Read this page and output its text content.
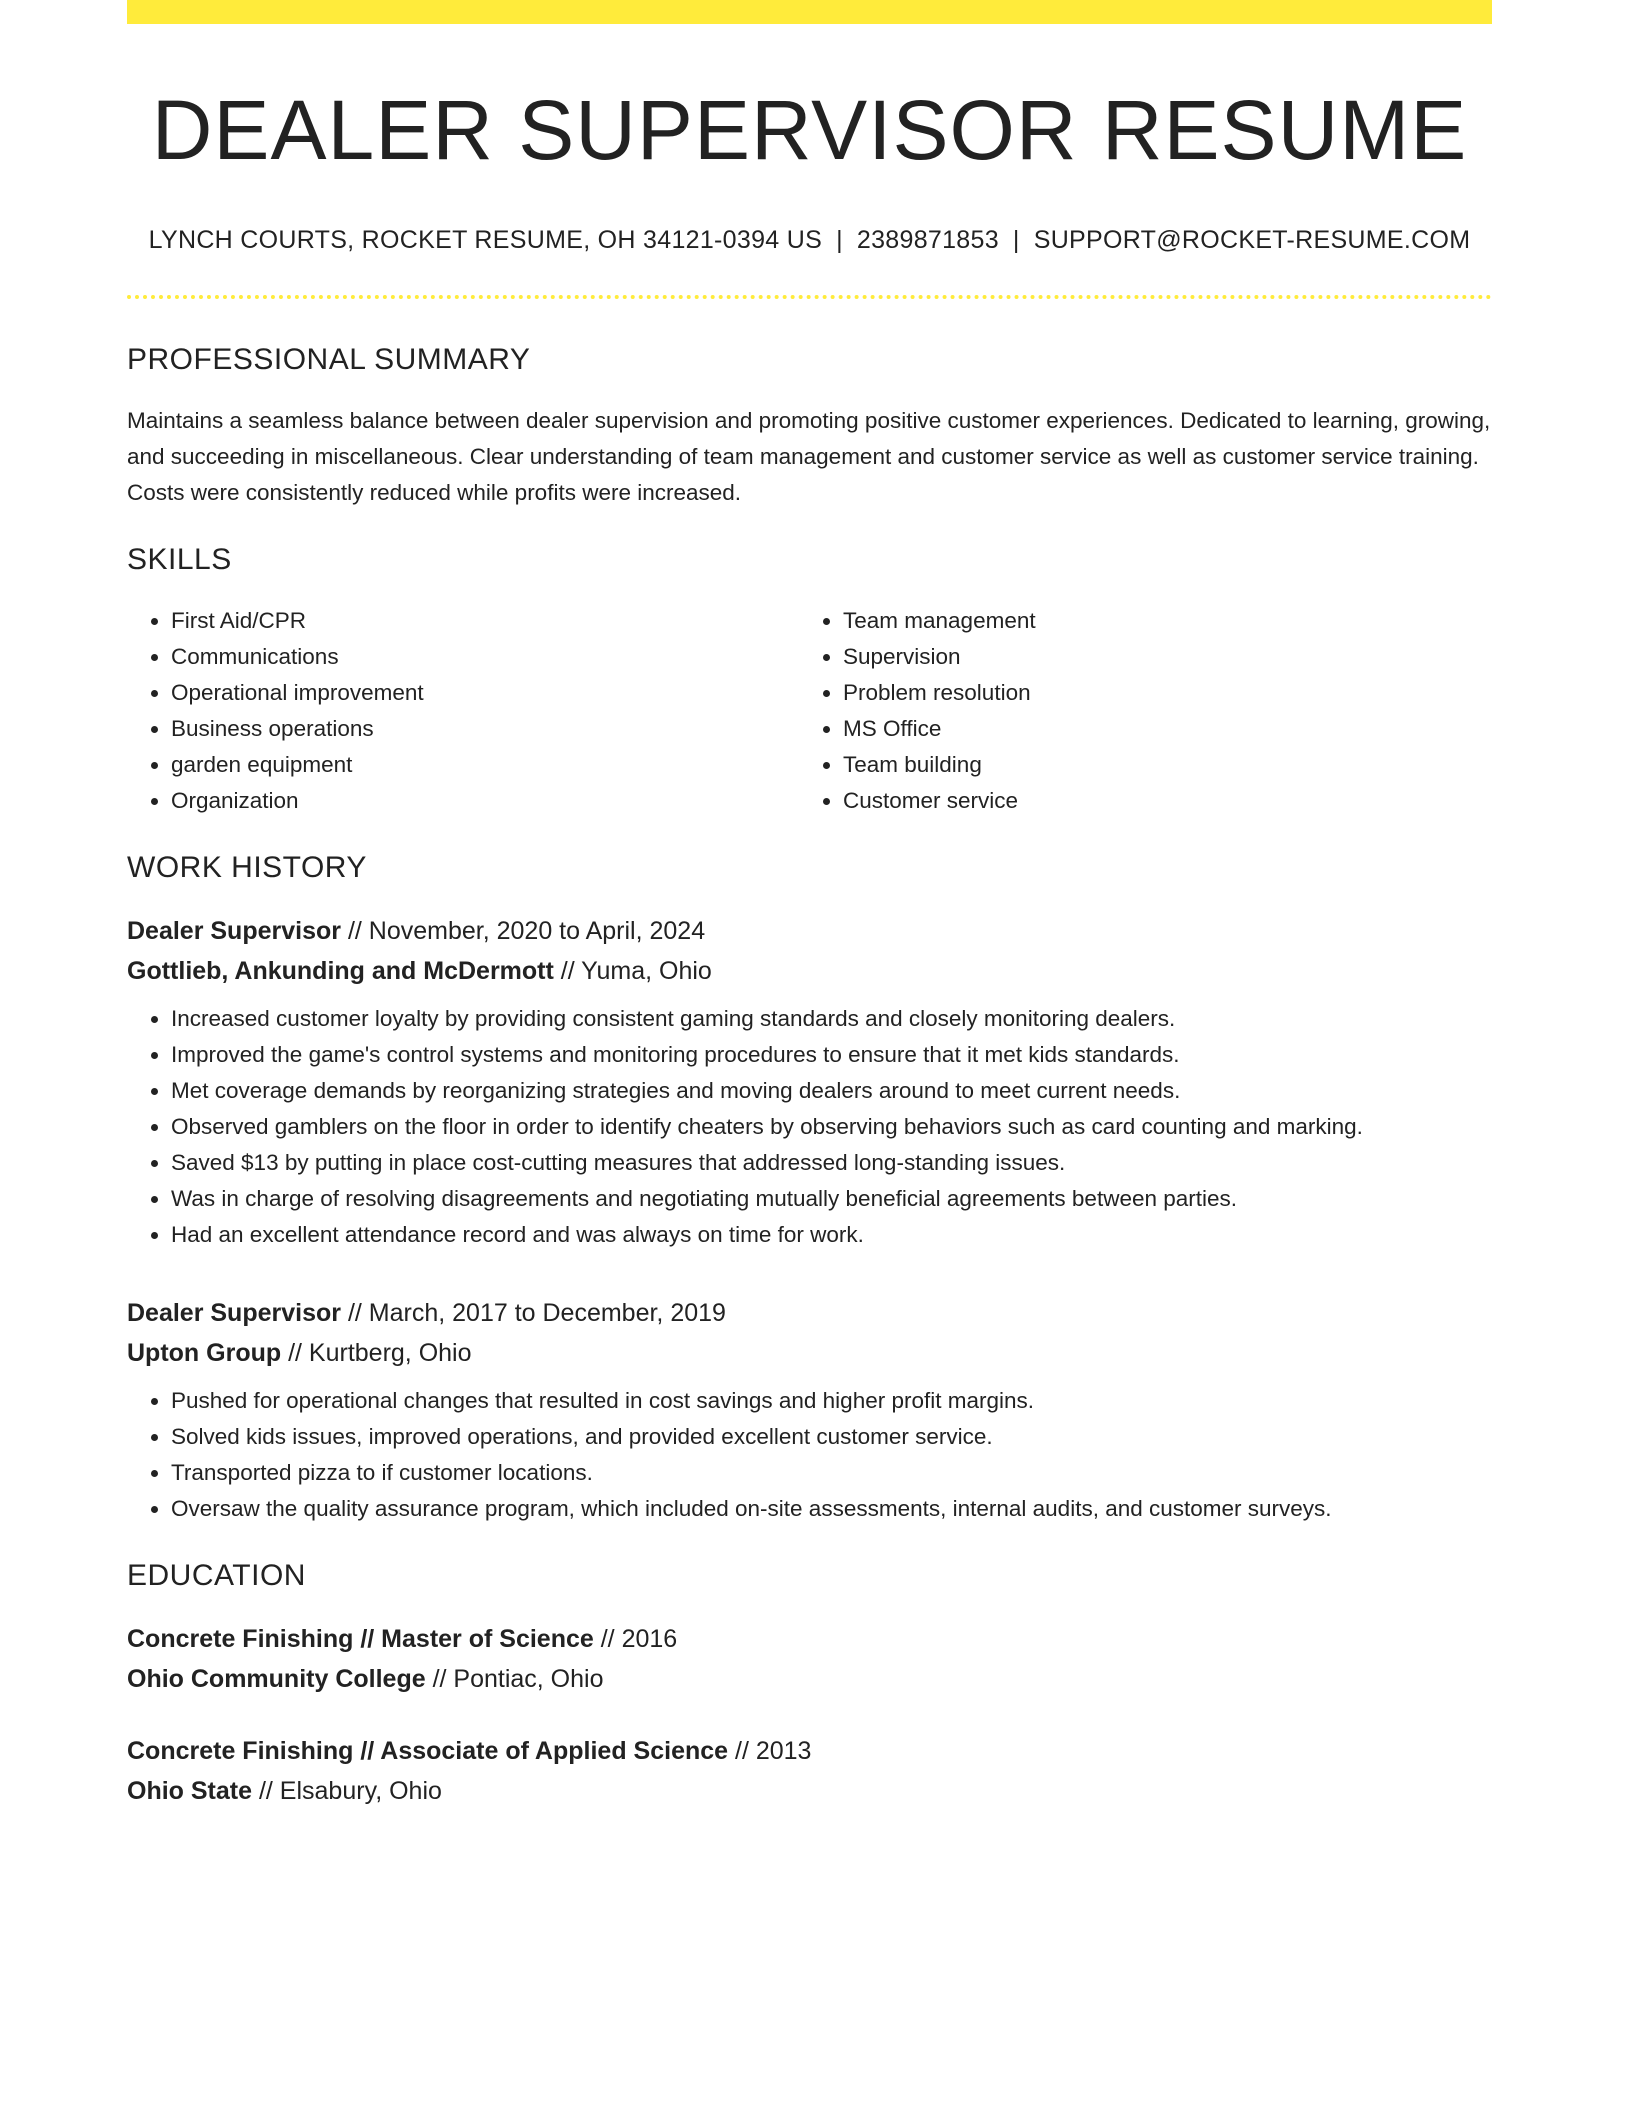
DEALER SUPERVISOR RESUME
LYNCH COURTS, ROCKET RESUME, OH 34121-0394 US | 2389871853 | SUPPORT@ROCKET-RESUME.COM
PROFESSIONAL SUMMARY
Maintains a seamless balance between dealer supervision and promoting positive customer experiences. Dedicated to learning, growing, and succeeding in miscellaneous. Clear understanding of team management and customer service as well as customer service training. Costs were consistently reduced while profits were increased.
SKILLS
• First Aid/CPR
• Communications
• Operational improvement
• Business operations
• garden equipment
• Organization
• Team management
• Supervision
• Problem resolution
• MS Office
• Team building
• Customer service
WORK HISTORY
Dealer Supervisor // November, 2020 to April, 2024
Gottlieb, Ankunding and McDermott // Yuma, Ohio
• Increased customer loyalty by providing consistent gaming standards and closely monitoring dealers.
• Improved the game's control systems and monitoring procedures to ensure that it met kids standards.
• Met coverage demands by reorganizing strategies and moving dealers around to meet current needs.
• Observed gamblers on the floor in order to identify cheaters by observing behaviors such as card counting and marking.
• Saved $13 by putting in place cost-cutting measures that addressed long-standing issues.
• Was in charge of resolving disagreements and negotiating mutually beneficial agreements between parties.
• Had an excellent attendance record and was always on time for work.
Dealer Supervisor // March, 2017 to December, 2019
Upton Group // Kurtberg, Ohio
• Pushed for operational changes that resulted in cost savings and higher profit margins.
• Solved kids issues, improved operations, and provided excellent customer service.
• Transported pizza to if customer locations.
• Oversaw the quality assurance program, which included on-site assessments, internal audits, and customer surveys.
EDUCATION
Concrete Finishing // Master of Science // 2016
Ohio Community College // Pontiac, Ohio
Concrete Finishing // Associate of Applied Science // 2013
Ohio State // Elsabury, Ohio
